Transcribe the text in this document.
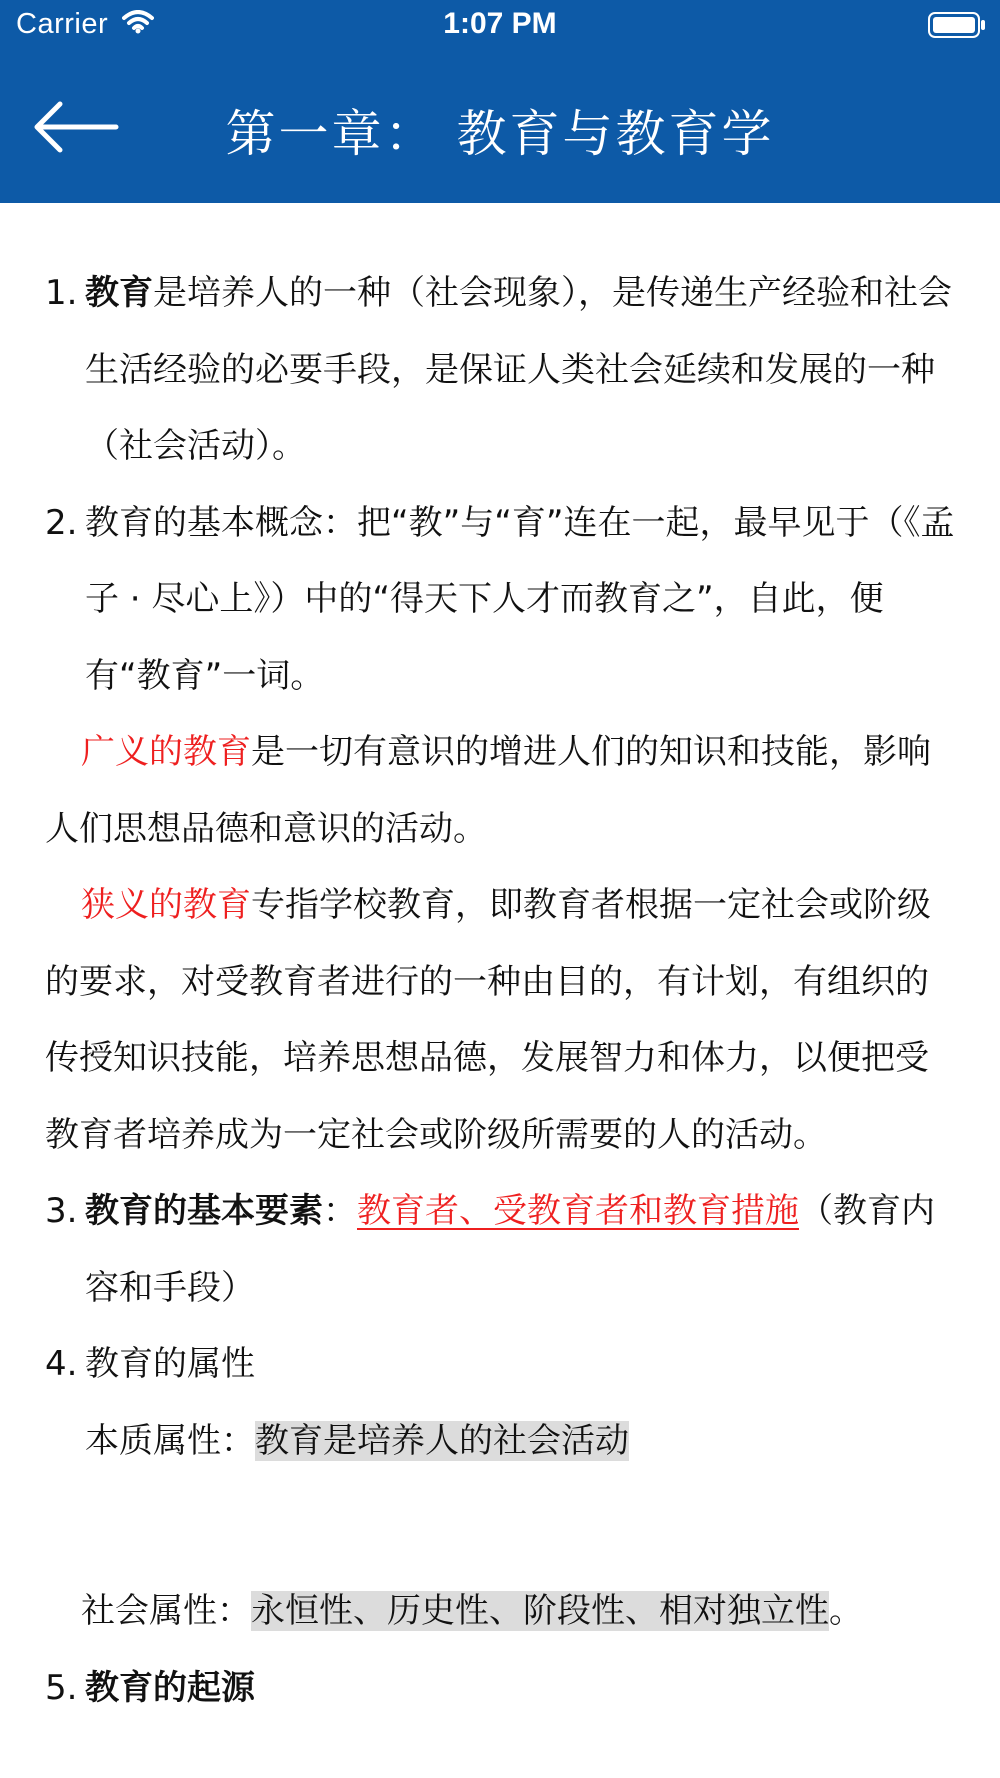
Carrier	1:07 PM
第一章： 教育与教育学
1. 教育是培养人的一种（社会现象），是传递生产经验和社会生活经验的必要手段，是保证人类社会延续和发展的一种（社会活动）。
2. 教育的基本概念：把“教”与“育”连在一起，最早见于（《孟子 · 尽心上》）中的“得天下人才而教育之”，自此，便有“教育”一词。
广义的教育是一切有意识的增进人们的知识和技能，影响人们思想品德和意识的活动。
狭义的教育专指学校教育，即教育者根据一定社会或阶级的要求，对受教育者进行的一种由目的，有计划，有组织的传授知识技能，培养思想品德，发展智力和体力，以便把受教育者培养成为一定社会或阶级所需要的人的活动。
3. 教育的基本要素：教育者、受教育者和教育措施（教育内容和手段）
4. 教育的属性
本质属性：教育是培养人的社会活动
社会属性：永恒性、历史性、阶段性、相对独立性。
5. 教育的起源
